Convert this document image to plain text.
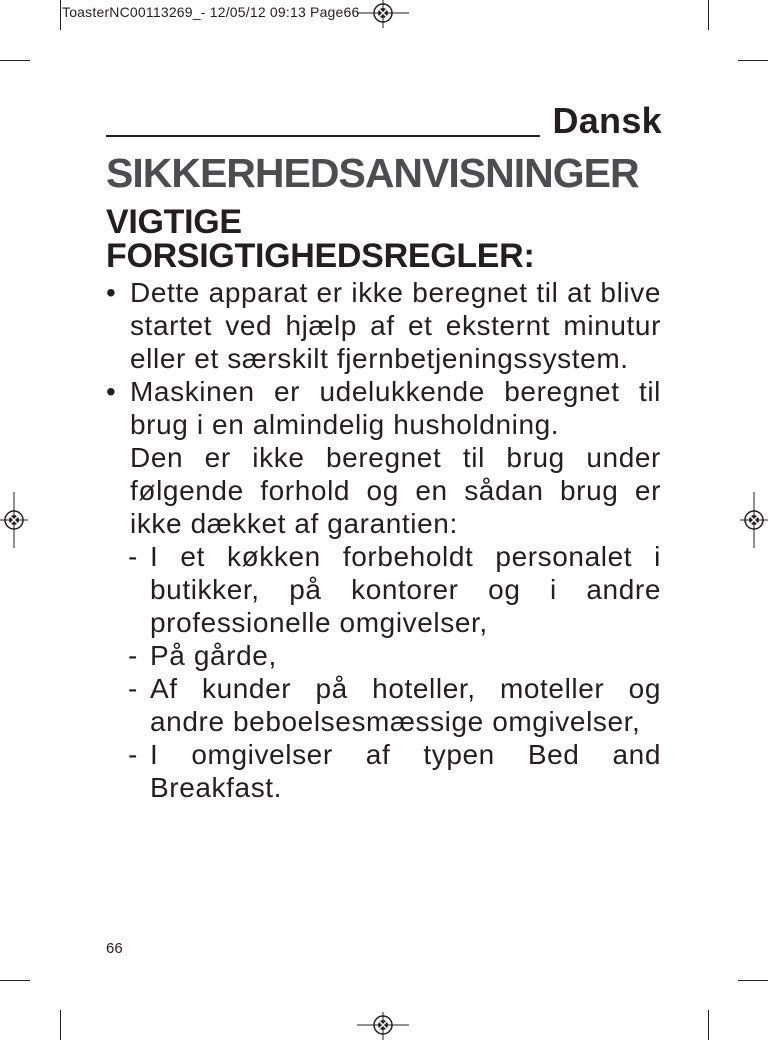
ToasterNC00113269_- 12/05/12 09:13 Page66
Dansk
SIKKERHEDSANVISNINGER
VIGTIGE FORSIGTIGHEDSREGLER:
• Dette apparat er ikke beregnet til at blive startet ved hjælp af et eksternt minutur eller et særskilt fjernbetjeningssystem.
• Maskinen er udelukkende beregnet til brug i en almindelig husholdning.
Den er ikke beregnet til brug under følgende forhold og en sådan brug er ikke dækket af garantien:
- I et køkken forbeholdt personalet i butikker, på kontorer og i andre professionelle omgivelser,
- På gårde,
- Af kunder på hoteller, moteller og andre beboelsesmæssige omgivelser,
- I omgivelser af typen Bed and Breakfast.
66
